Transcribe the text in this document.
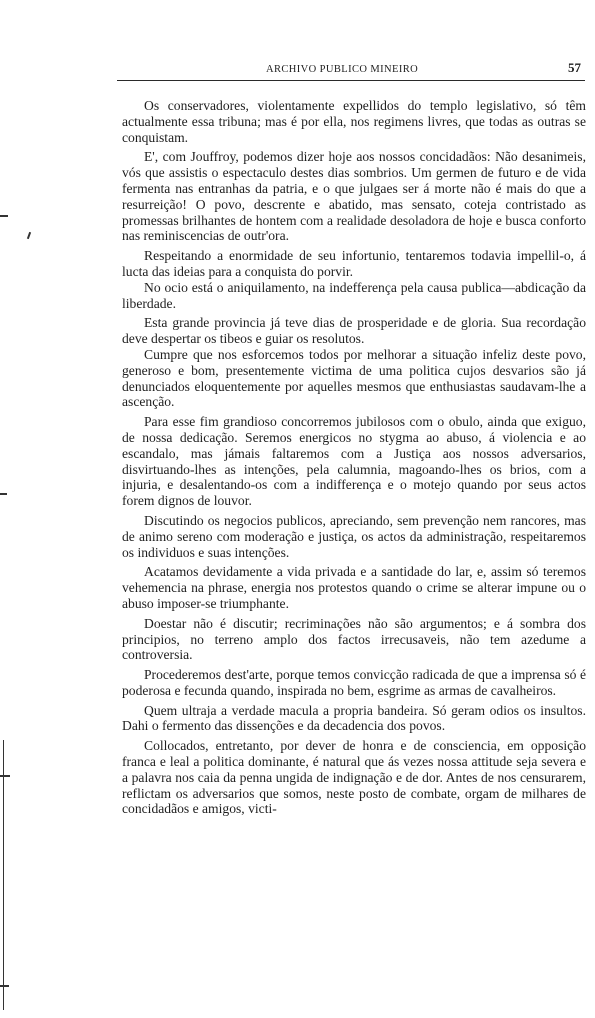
ARCHIVO PUBLICO MINEIRO	57

Os conservadores, violentamente expellidos do templo legislativo, só têm actualmente essa tribuna; mas é por ella, nos regimens livres, que todas as outras se conquistam.

E', com Jouffroy, podemos dizer hoje aos nossos concidadãos: Não desanimeis, vós que assistis o espectaculo destes dias sombrios. Um germen de futuro e de vida fermenta nas entranhas da patria, e o que julgaes ser á morte não é mais do que a resurreição! O povo, descrente e abatido, mas sensato, coteja contristado as promessas brilhantes de hontem com a realidade desoladora de hoje e busca conforto nas reminiscencias de outr'ora.

Respeitando a enormidade de seu infortunio, tentaremos todavia impellil-o, á lucta das ideias para a conquista do porvir.

No ocio está o aniquilamento, na indefferença pela causa publica—abdicação da liberdade.

Esta grande provincia já teve dias de prosperidade e de gloria. Sua recordação deve despertar os tibeos e guiar os resolutos.

Cumpre que nos esforcemos todos por melhorar a situação infeliz deste povo, generoso e bom, presentemente victima de uma politica cujos desvarios são já denunciados eloquentemente por aquelles mesmos que enthusiastas saudavam-lhe a ascenção.

Para esse fim grandioso concorremos jubilosos com o obulo, ainda que exiguo, de nossa dedicação. Seremos energicos no stygma ao abuso, á violencia e ao escandalo, mas jámais faltaremos com a Justiça aos nossos adversarios, disvirtuando-lhes as intenções, pela calumnia, magoando-lhes os brios, com a injuria, e desalentando-os com a indifferença e o motejo quando por seus actos forem dignos de louvor.

Discutindo os negocios publicos, apreciando, sem prevenção nem rancores, mas de animo sereno com moderação e justiça, os actos da administração, respeitaremos os individuos e suas intenções.

Acatamos devidamente a vida privada e a santidade do lar, e, assim só teremos vehemencia na phrase, energia nos protestos quando o crime se alterar impune ou o abuso imposer-se triumphante.

Doestar não é discutir; recriminações não são argumentos; e á sombra dos principios, no terreno amplo dos factos irrecusaveis, não tem azedume a controversia.

Procederemos dest'arte, porque temos convicção radicada de que a imprensa só é poderosa e fecunda quando, inspirada no bem, esgrime as armas de cavalheiros.

Quem ultraja a verdade macula a propria bandeira. Só geram odios os insultos. Dahi o fermento das dissenções e da decadencia dos povos.

Collocados, entretanto, por dever de honra e de consciencia, em opposição franca e leal a politica dominante, é natural que ás vezes nossa attitude seja severa e a palavra nos caia da penna ungida de indignação e de dor. Antes de nos censurarem, reflictam os adversarios que somos, neste posto de combate, orgam de milhares de concidadãos e amigos, victi-
